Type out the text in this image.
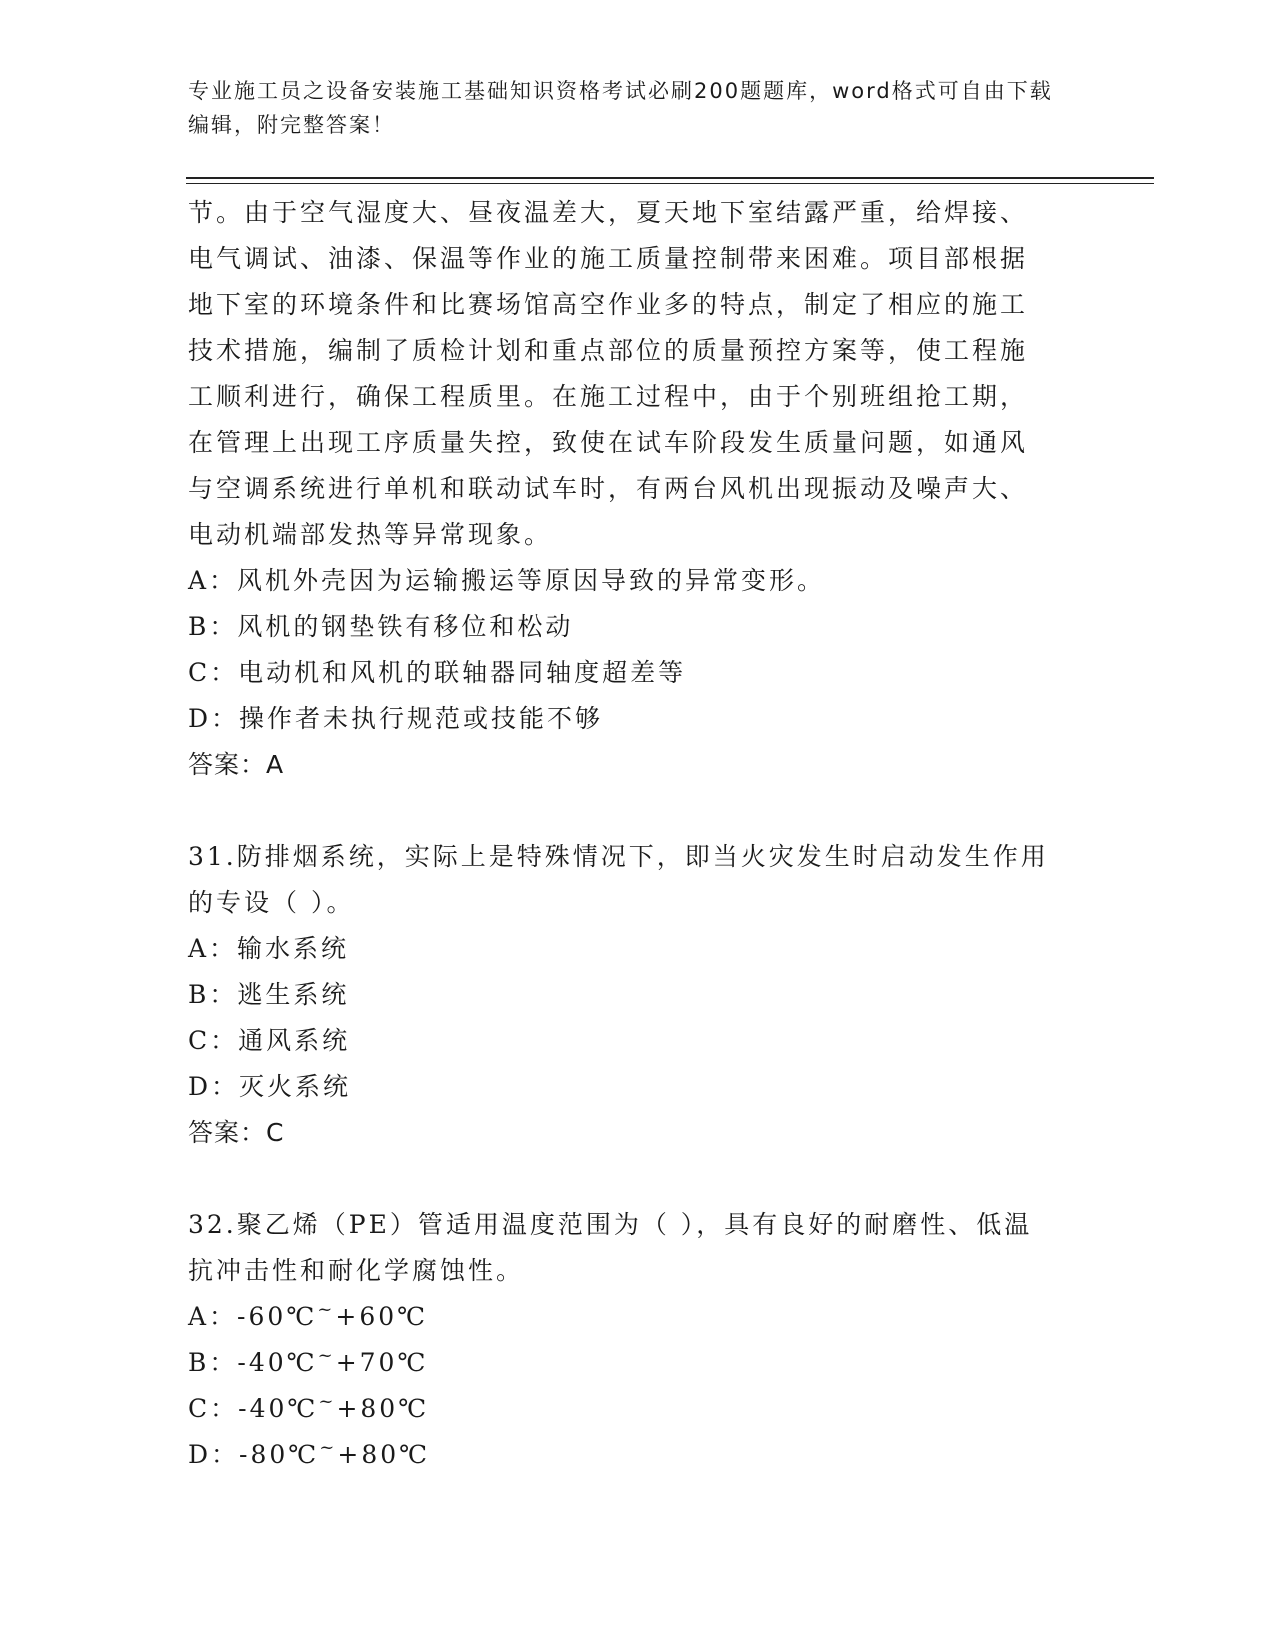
专业施工员之设备安装施工基础知识资格考试必刷200题题库，word格式可自由下载编辑，附完整答案！

节。由于空气湿度大、昼夜温差大，夏天地下室结露严重，给焊接、

电气调试、油漆、保温等作业的施工质量控制带来困难。项目部根据

地下室的环境条件和比赛场馆高空作业多的特点，制定了相应的施工

技术措施，编制了质检计划和重点部位的质量预控方案等，使工程施

工顺利进行，确保工程质里。在施工过程中，由于个别班组抢工期，

在管理上出现工序质量失控，致使在试车阶段发生质量问题，如通风

与空调系统进行单机和联动试车时，有两台风机出现振动及噪声大、

电动机端部发热等异常现象。

A：风机外壳因为运输搬运等原因导致的异常变形。
B：风机的钢垫铁有移位和松动
C：电动机和风机的联轴器同轴度超差等
D：操作者未执行规范或技能不够
答案：A

31.防排烟系统，实际上是特殊情况下，即当火灾发生时启动发生作用

的专设（ ）。

A：输水系统
B：逃生系统
C：通风系统
D：灭火系统
答案：C

32.聚乙烯（PE）管适用温度范围为（ ），具有良好的耐磨性、低温

抗冲击性和耐化学腐蚀性。

A：-60℃~+60℃
B：-40℃~+70℃
C：-40℃~+80℃
D：-80℃~+80℃
